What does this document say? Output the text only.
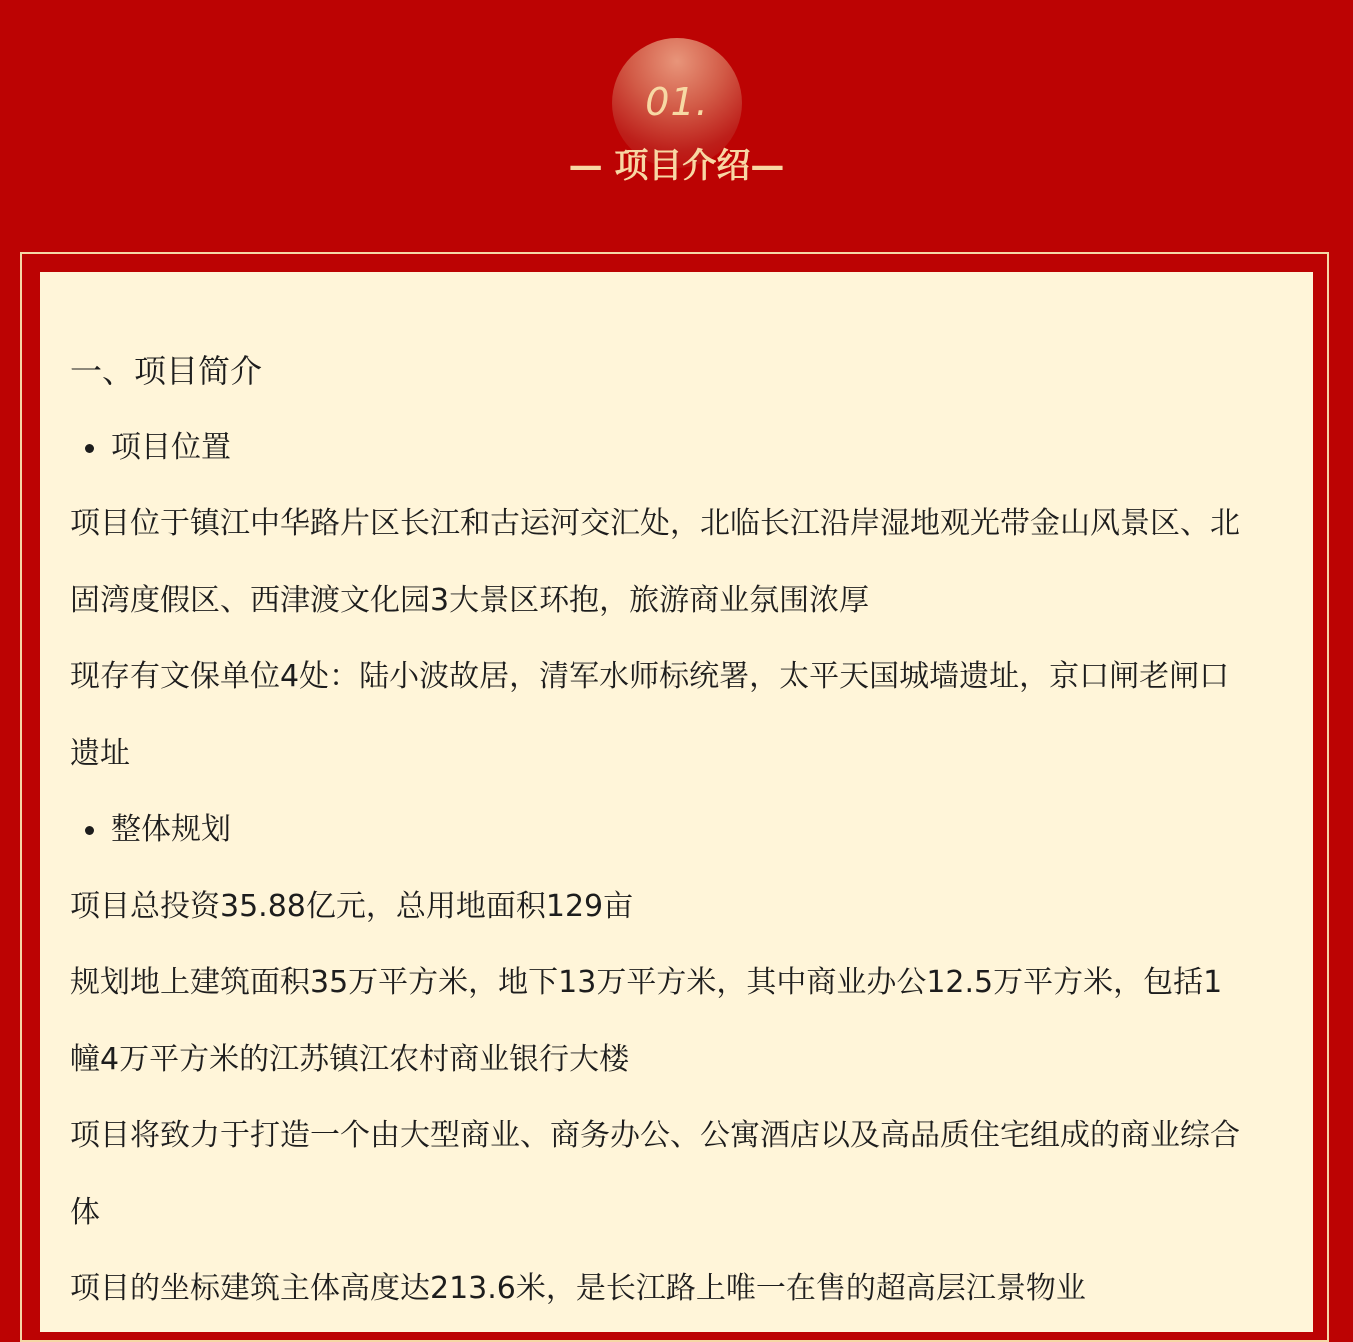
01.
— 项目介绍—
一、项目简介
项目位置
项目位于镇江中华路片区长江和古运河交汇处，北临长江沿岸湿地观光带金山风景区、北
固湾度假区、西津渡文化园3大景区环抱，旅游商业氛围浓厚
现存有文保单位4处：陆小波故居，清军水师标统署，太平天国城墙遗址，京口闸老闸口
遗址
整体规划
项目总投资35.88亿元，总用地面积129亩
规划地上建筑面积35万平方米，地下13万平方米，其中商业办公12.5万平方米，包括1
幢4万平方米的江苏镇江农村商业银行大楼
项目将致力于打造一个由大型商业、商务办公、公寓酒店以及高品质住宅组成的商业综合
体
项目的坐标建筑主体高度达213.6米，是长江路上唯一在售的超高层江景物业
